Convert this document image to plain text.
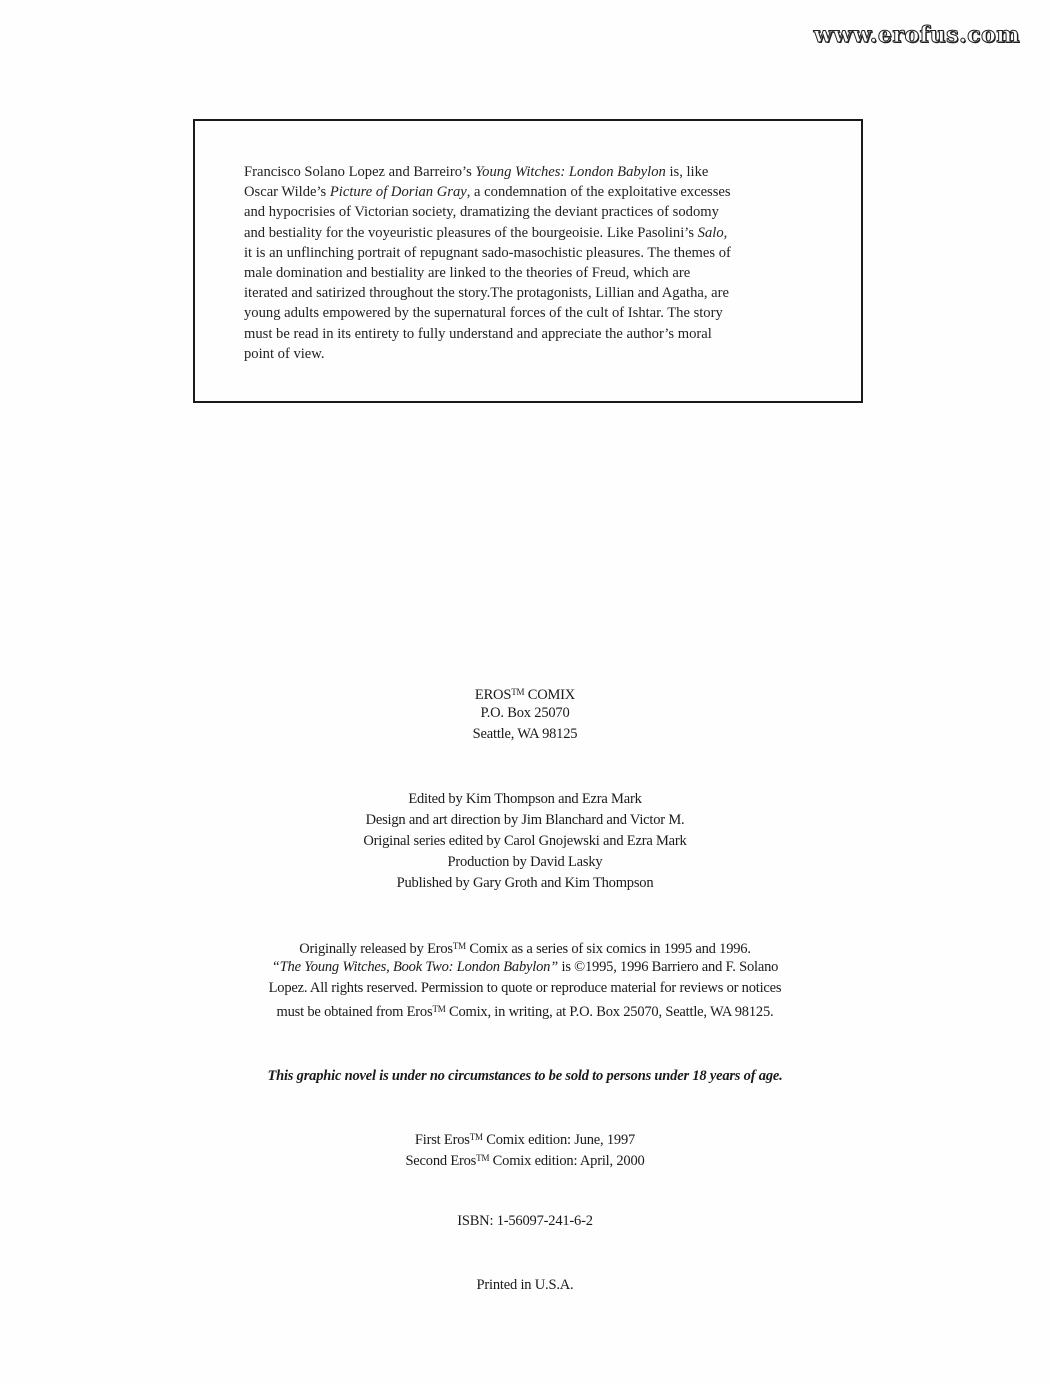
www.erofus.com
Francisco Solano Lopez and Barreiro’s Young Witches: London Babylon is, like
Oscar Wilde’s Picture of Dorian Gray, a condemnation of the exploitative excesses
and hypocrisies of Victorian society, dramatizing the deviant practices of sodomy
and bestiality for the voyeuristic pleasures of the bourgeoisie. Like Pasolini’s Salo,
it is an unflinching portrait of repugnant sado-masochistic pleasures. The themes of
male domination and bestiality are linked to the theories of Freud, which are
iterated and satirized throughout the story.The protagonists, Lillian and Agatha, are
young adults empowered by the supernatural forces of the cult of Ishtar. The story
must be read in its entirety to fully understand and appreciate the author’s moral
point of view.
EROS™ COMIX
P.O. Box 25070
Seattle, WA 98125
Edited by Kim Thompson and Ezra Mark
Design and art direction by Jim Blanchard and Victor M.
Original series edited by Carol Gnojewski and Ezra Mark
Production by David Lasky
Published by Gary Groth and Kim Thompson
Originally released by Eros™ Comix as a series of six comics in 1995 and 1996.
“The Young Witches, Book Two: London Babylon” is ©1995, 1996 Barriero and F. Solano
Lopez. All rights reserved. Permission to quote or reproduce material for reviews or notices
must be obtained from Eros™ Comix, in writing, at P.O. Box 25070, Seattle, WA 98125.
This graphic novel is under no circumstances to be sold to persons under 18 years of age.
First Eros™ Comix edition: June, 1997
Second Eros™ Comix edition: April, 2000
ISBN: 1-56097-241-6-2
Printed in U.S.A.
